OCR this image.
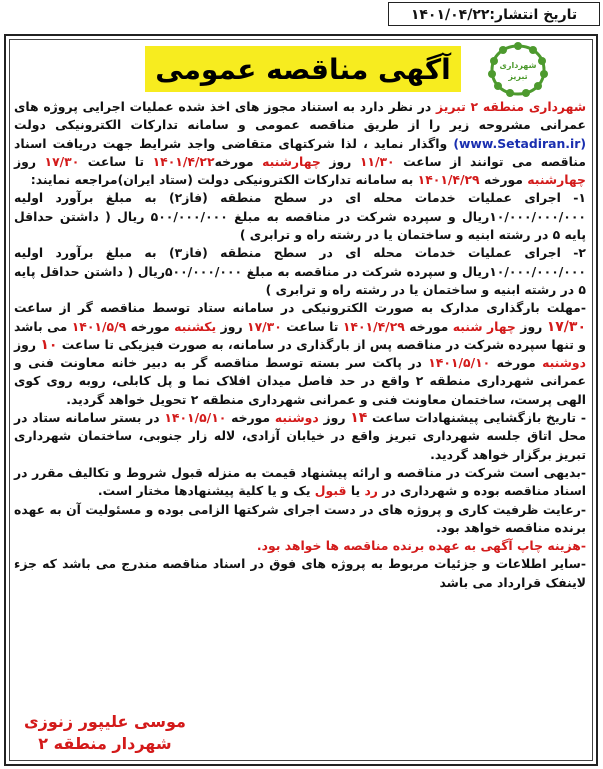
تاریخ انتشار:۱۴۰۱/۰۴/۲۲
آگهی مناقصه عمومی	شهرداری
تبریز

شهرداری منطقه ۲ تبریز در نظر دارد به استناد مجوز های اخذ شده عملیات اجرایی پروژه های عمرانی مشروحه زیر را از طریق مناقصه عمومی و سامانه تدارکات الکترونیکی دولت (www.Setadiran.ir) واگذار نماید ، لذا شرکتهای متقاضی واجد شرایط جهت دریافت اسناد مناقصه می توانند از ساعت ۱۱/۳۰ روز چهارشنبه مورخه۱۴۰۱/۴/۲۲ تا ساعت ۱۷/۳۰ روز چهارشنبه مورخه ۱۴۰۱/۴/۲۹ به سامانه تدارکات الکترونیکی دولت (ستاد ایران)مراجعه نمایند:

۱- اجرای عملیات خدمات محله ای در سطح منطقه (فاز۲) به مبلغ برآورد اولیه ۱۰/۰۰۰/۰۰۰/۰۰۰ریال و سپرده شرکت در مناقصه به مبلغ ۵۰۰/۰۰۰/۰۰۰ ریال ( داشتن حداقل پایه ۵ در رشته ابنیه و ساختمان یا در رشته راه و ترابری )

۲- اجرای عملیات خدمات محله ای در سطح منطقه (فاز۳) به مبلغ برآورد اولیه ۱۰/۰۰۰/۰۰۰/۰۰۰ریال و سپرده شرکت در مناقصه به مبلغ ۵۰۰/۰۰۰/۰۰۰ریال ( داشتن حداقل پایه ۵ در رشته ابنیه و ساختمان یا در رشته راه و ترابری )

-مهلت بارگذاری مدارک به صورت الکترونیکی در سامانه ستاد توسط مناقصه گر از ساعت ۱۷/۳۰ روز چهار شنبه مورخه ۱۴۰۱/۴/۲۹ تا ساعت ۱۷/۳۰ روز یکشنبه مورخه ۱۴۰۱/۵/۹ می باشد و تنها سپرده شرکت در مناقصه پس از بارگذاری در سامانه، به صورت فیزیکی تا ساعت ۱۰ روز دوشنبه مورخه ۱۴۰۱/۵/۱۰ در پاکت سر بسته توسط مناقصه گر به دبیر خانه معاونت فنی و عمرانی شهرداری منطقه ۲ واقع در حد فاصل میدان افلاک نما و پل کابلی، روبه روی کوی الهی پرست، ساختمان معاونت فنی و عمرانی شهرداری منطقه ۲ تحویل خواهد گردید.

- تاریخ بازگشایی پیشنهادات ساعت ۱۴ روز دوشنبه مورخه ۱۴۰۱/۵/۱۰ در بستر سامانه ستاد در محل اتاق جلسه شهرداری تبریز واقع در خیابان آزادی، لاله زار جنوبی، ساختمان شهرداری تبریز برگزار خواهد گردید.

-بدیهی است شرکت در مناقصه و ارائه پیشنهاد قیمت به منزله قبول شروط و تکالیف مقرر در اسناد مناقصه بوده و شهرداری در رد یا قبول یک و یا کلیة پیشنهادها مختار است.

-رعایت ظرفیت کاری و پروژه های در دست اجرای شرکتها الزامی بوده و مسئولیت آن به عهده برنده مناقصه خواهد بود.

-هزینه چاپ آگهی به عهده برنده مناقصه ها خواهد بود.

-سایر اطلاعات و جزئیات مربوط به پروژه های فوق در اسناد مناقصه مندرج می باشد که جزء لاینفک قرارداد می باشد

موسی علیپور زنوزی
شهردار منطقه ۲
